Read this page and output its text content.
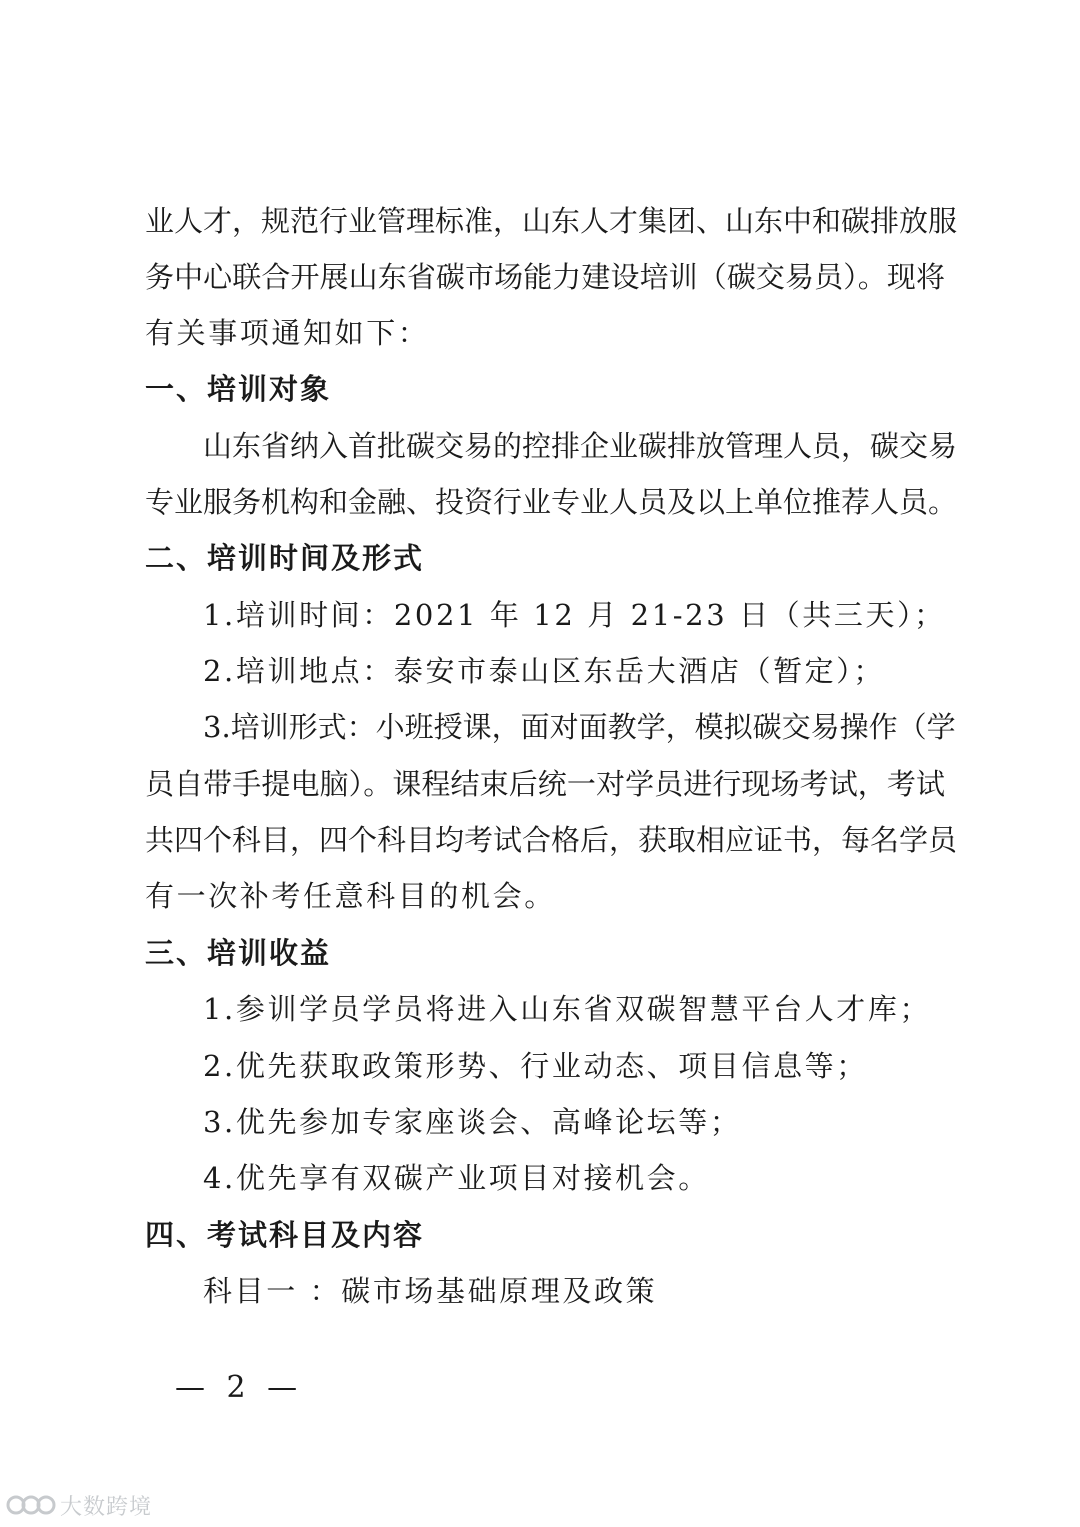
业人才，规范行业管理标准，山东人才集团、山东中和碳排放服
务中心联合开展山东省碳市场能力建设培训（碳交易员）。现将
有关事项通知如下：
一、培训对象
山东省纳入首批碳交易的控排企业碳排放管理人员，碳交易
专业服务机构和金融、投资行业专业人员及以上单位推荐人员。
二、培训时间及形式
1.培训时间：2021 年 12 月 21-23 日（共三天）；
2.培训地点：泰安市泰山区东岳大酒店（暂定）；
3.培训形式：小班授课，面对面教学，模拟碳交易操作（学
员自带手提电脑）。课程结束后统一对学员进行现场考试，考试
共四个科目，四个科目均考试合格后，获取相应证书，每名学员
有一次补考任意科目的机会。
三、培训收益
1.参训学员学员将进入山东省双碳智慧平台人才库；
2.优先获取政策形势、行业动态、项目信息等；
3.优先参加专家座谈会、高峰论坛等；
4.优先享有双碳产业项目对接机会。
四、考试科目及内容
科目一 ：碳市场基础原理及政策
— 2 —
大数跨境
